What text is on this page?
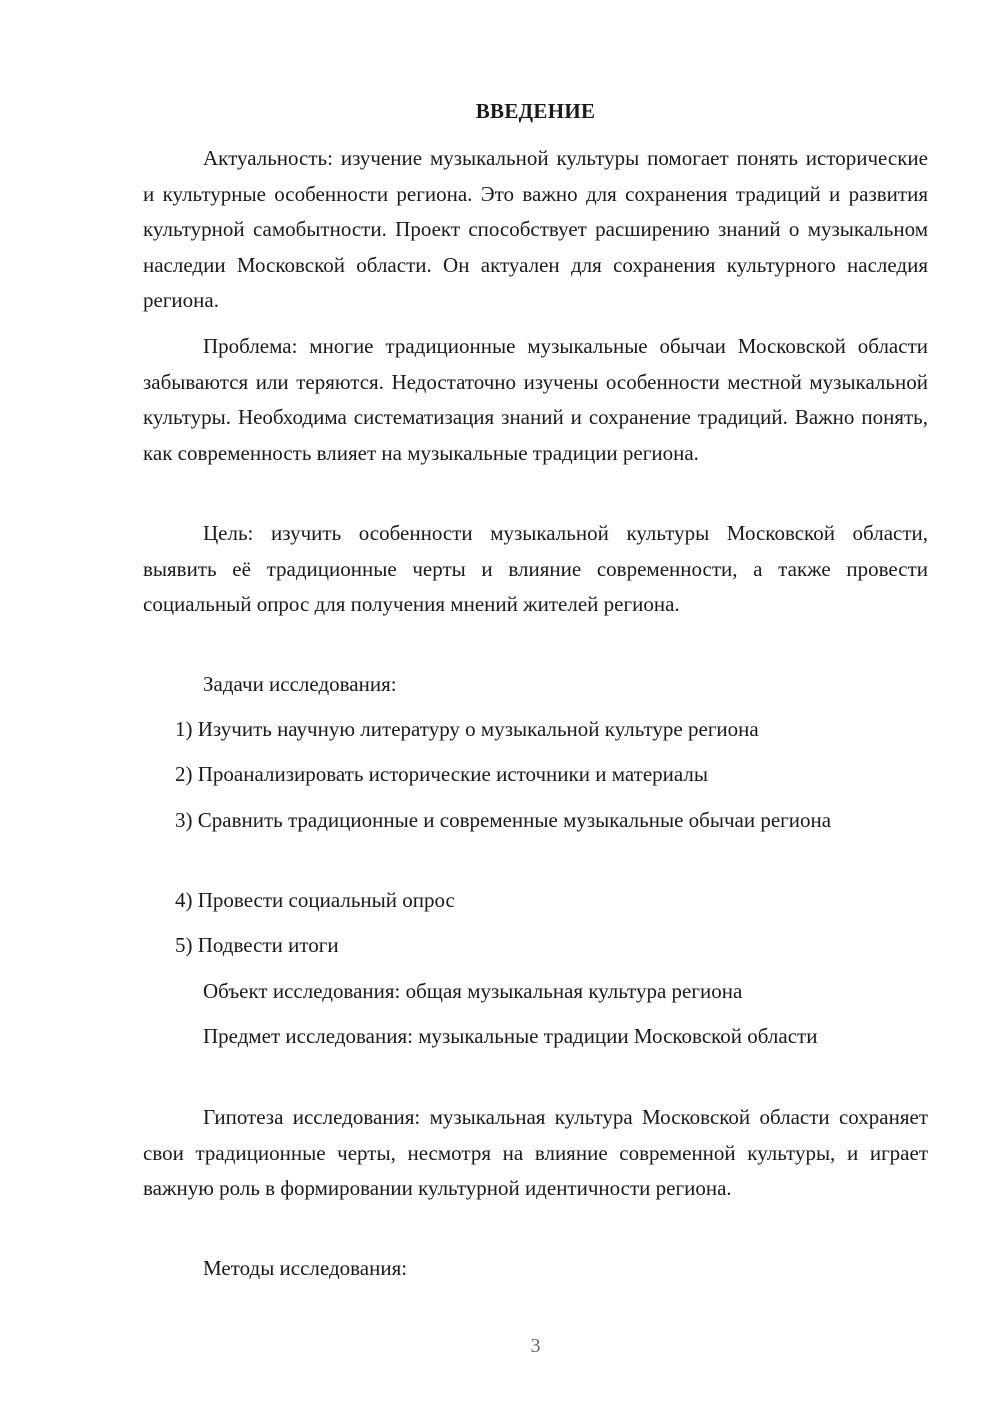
ВВЕДЕНИЕ

Актуальность: изучение музыкальной культуры помогает понять исторические и культурные особенности региона. Это важно для сохранения традиций и развития культурной самобытности. Проект способствует расширению знаний о музыкальном наследии Московской области. Он актуален для сохранения культурного наследия региона.

Проблема: многие традиционные музыкальные обычаи Московской области забываются или теряются. Недостаточно изучены особенности местной музыкальной культуры. Необходима систематизация знаний и сохранение традиций. Важно понять, как современность влияет на музыкальные традиции региона.

Цель: изучить особенности музыкальной культуры Московской области, выявить её традиционные черты и влияние современности, а также провести социальный опрос для получения мнений жителей региона.

Задачи исследования:

1) Изучить научную литературу о музыкальной культуре региона

2) Проанализировать исторические источники и материалы

3) Сравнить традиционные и современные музыкальные обычаи региона

4) Провести социальный опрос

5) Подвести итоги

Объект исследования: общая музыкальная культура региона

Предмет исследования: музыкальные традиции Московской области

Гипотеза исследования: музыкальная культура Московской области сохраняет свои традиционные черты, несмотря на влияние современной культуры, и играет важную роль в формировании культурной идентичности региона.

Методы исследования:

3
